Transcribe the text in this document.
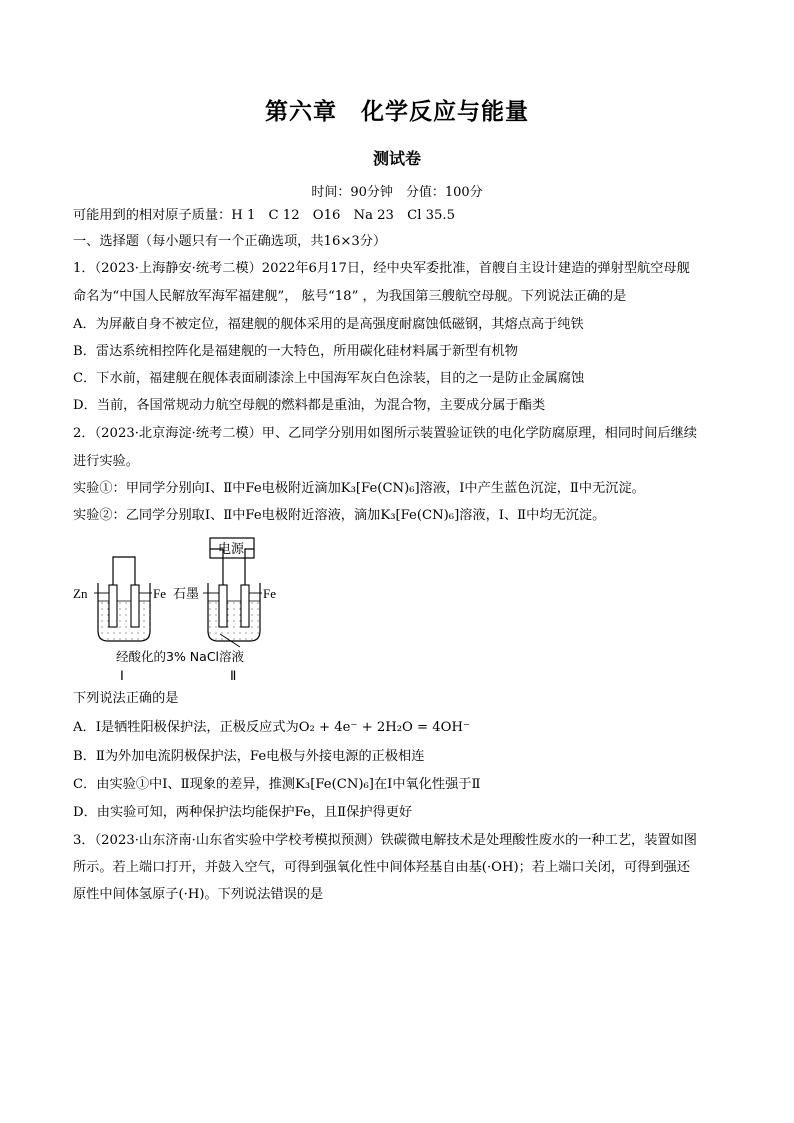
第六章　化学反应与能量
测试卷
时间：90分钟　分值：100分
可能用到的相对原子质量：H 1　C 12　O16　Na 23　Cl 35.5
一、选择题（每小题只有一个正确选项，共16×3分）
1．（2023·上海静安·统考二模）2022年6月17日，经中央军委批准，首艘自主设计建造的弹射型航空母舰
命名为“中国人民解放军海军福建舰”， 舷号“18” ，为我国第三艘航空母舰。下列说法正确的是
A．为屏蔽自身不被定位，福建舰的舰体采用的是高强度耐腐蚀低磁钢，其熔点高于纯铁
B．雷达系统相控阵化是福建舰的一大特色，所用碳化硅材料属于新型有机物
C．下水前，福建舰在舰体表面刷漆涂上中国海军灰白色涂装，目的之一是防止金属腐蚀
D．当前，各国常规动力航空母舰的燃料都是重油，为混合物，主要成分属于酯类
2．（2023·北京海淀·统考二模）甲、乙同学分别用如图所示装置验证铁的电化学防腐原理，相同时间后继续
进行实验。
实验①：甲同学分别向Ⅰ、Ⅱ中Fe电极附近滴加K₃[Fe(CN)₆]溶液，Ⅰ中产生蓝色沉淀，Ⅱ中无沉淀。
实验②：乙同学分别取Ⅰ、Ⅱ中Fe电极附近溶液，滴加K₃[Fe(CN)₆]溶液，Ⅰ、Ⅱ中均无沉淀。
Zn	Fe
电源
石墨	Fe
经酸化的3% NaCl溶液
Ⅰ	Ⅱ
下列说法正确的是
A．Ⅰ是牺牲阳极保护法，正极反应式为O₂ + 4e⁻ + 2H₂O = 4OH⁻
B．Ⅱ为外加电流阴极保护法，Fe电极与外接电源的正极相连
C．由实验①中Ⅰ、Ⅱ现象的差异，推测K₃[Fe(CN)₆]在Ⅰ中氧化性强于Ⅱ
D．由实验可知，两种保护法均能保护Fe，且Ⅱ保护得更好
3．（2023·山东济南·山东省实验中学校考模拟预测）铁碳微电解技术是处理酸性废水的一种工艺，装置如图
所示。若上端口打开，并鼓入空气，可得到强氧化性中间体羟基自由基(·OH)；若上端口关闭，可得到强还
原性中间体氢原子(·H)。下列说法错误的是
